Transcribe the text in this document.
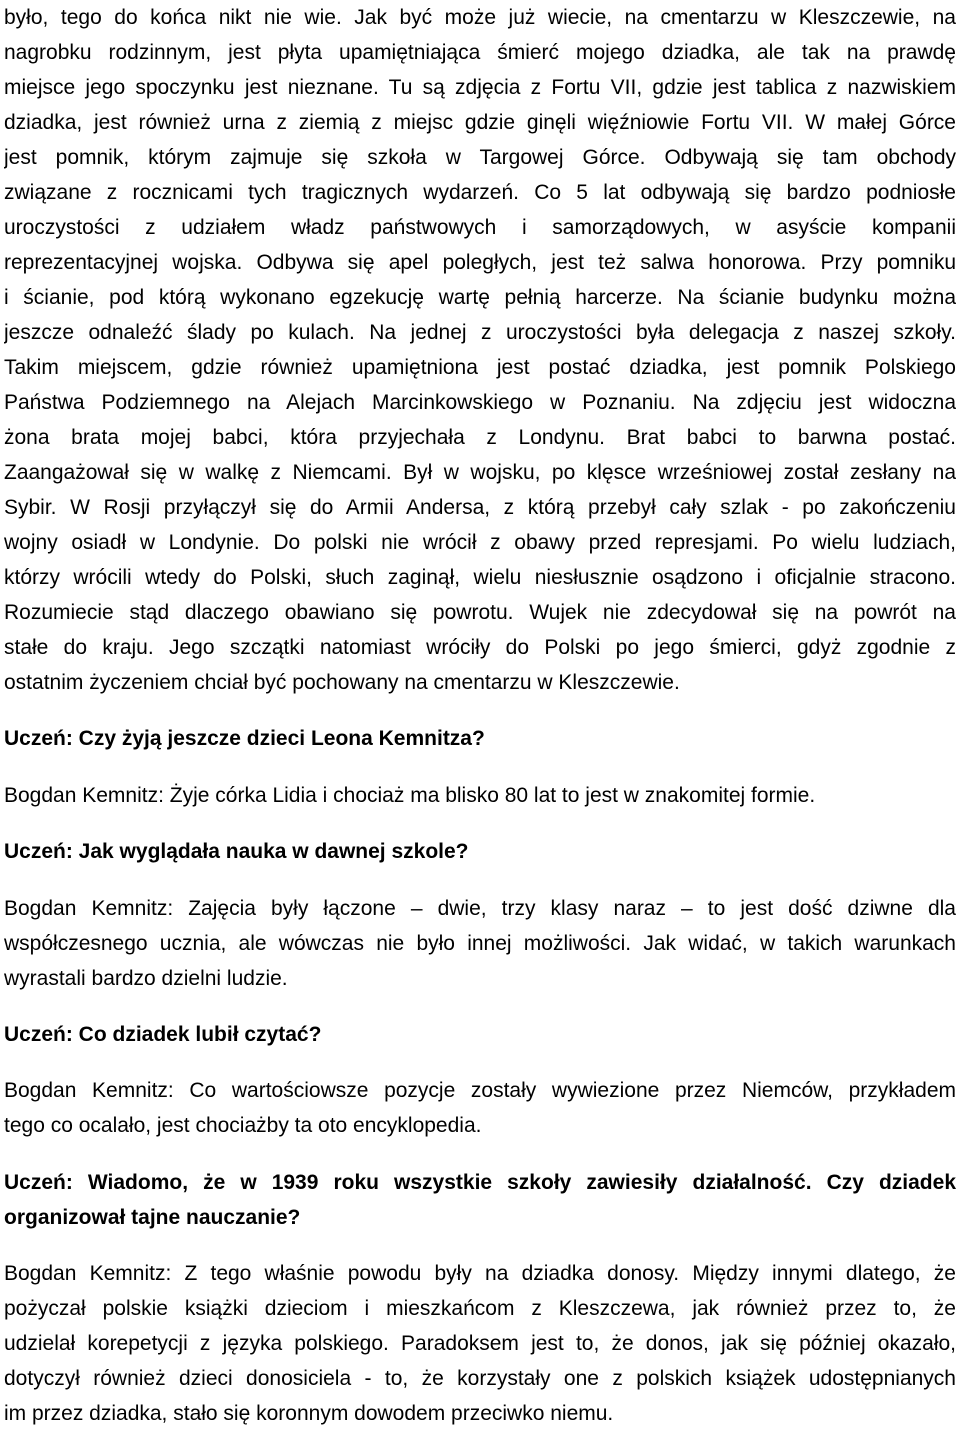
było, tego do końca nikt nie wie. Jak być może już wiecie, na cmentarzu w Kleszczewie, na
nagrobku rodzinnym, jest płyta upamiętniająca śmierć mojego dziadka, ale tak na prawdę
miejsce jego spoczynku jest nieznane. Tu są zdjęcia z Fortu VII, gdzie jest tablica z nazwiskiem
dziadka, jest również urna z ziemią z miejsc gdzie ginęli więźniowie Fortu VII. W małej Górce
jest pomnik, którym zajmuje się szkoła w Targowej Górce. Odbywają się tam obchody
związane z rocznicami tych tragicznych wydarzeń. Co 5 lat odbywają się bardzo podniosłe
uroczystości z udziałem władz państwowych i samorządowych, w asyście kompanii
reprezentacyjnej wojska. Odbywa się apel poległych, jest też salwa honorowa. Przy pomniku
i ścianie, pod którą wykonano egzekucję wartę pełnią harcerze. Na ścianie budynku można
jeszcze odnaleźć ślady po kulach. Na jednej z uroczystości była delegacja z naszej szkoły.
Takim miejscem, gdzie również upamiętniona jest postać dziadka, jest pomnik Polskiego
Państwa Podziemnego na Alejach Marcinkowskiego w Poznaniu. Na zdjęciu jest widoczna
żona brata mojej babci, która przyjechała z Londynu. Brat babci to barwna postać.
Zaangażował się w walkę z Niemcami. Był w wojsku, po klęsce wrześniowej został zesłany na
Sybir. W Rosji przyłączył się do Armii Andersa, z którą przebył cały szlak - po zakończeniu
wojny osiadł w Londynie. Do polski nie wrócił z obawy przed represjami. Po wielu ludziach,
którzy wrócili wtedy do Polski, słuch zaginął, wielu niesłusznie osądzono i oficjalnie stracono.
Rozumiecie stąd dlaczego obawiano się powrotu. Wujek nie zdecydował się na powrót na
stałe do kraju. Jego szczątki natomiast wróciły do Polski po jego śmierci, gdyż zgodnie z
ostatnim życzeniem chciał być pochowany na cmentarzu w Kleszczewie.
Uczeń: Czy żyją jeszcze dzieci Leona Kemnitza?
Bogdan Kemnitz: Żyje córka Lidia i chociaż ma blisko 80 lat to jest w znakomitej formie.
Uczeń: Jak wyglądała nauka w dawnej szkole?
Bogdan Kemnitz: Zajęcia były łączone – dwie, trzy klasy naraz – to jest dość dziwne dla
współczesnego ucznia, ale wówczas nie było innej możliwości. Jak widać, w takich warunkach
wyrastali bardzo dzielni ludzie.
Uczeń: Co dziadek lubił czytać?
Bogdan Kemnitz: Co wartościowsze pozycje zostały wywiezione przez Niemców, przykładem
tego co ocalało, jest chociażby ta oto encyklopedia.
Uczeń: Wiadomo, że w 1939 roku wszystkie szkoły zawiesiły działalność. Czy dziadek
organizował tajne nauczanie?
Bogdan Kemnitz: Z tego właśnie powodu były na dziadka donosy. Między innymi dlatego, że
pożyczał polskie książki dzieciom i mieszkańcom z Kleszczewa, jak również przez to, że
udzielał korepetycji z języka polskiego. Paradoksem jest to, że donos, jak się później okazało,
dotyczył również dzieci donosiciela - to, że korzystały one z polskich książek udostępnianych
im przez dziadka, stało się koronnym dowodem przeciwko niemu.
